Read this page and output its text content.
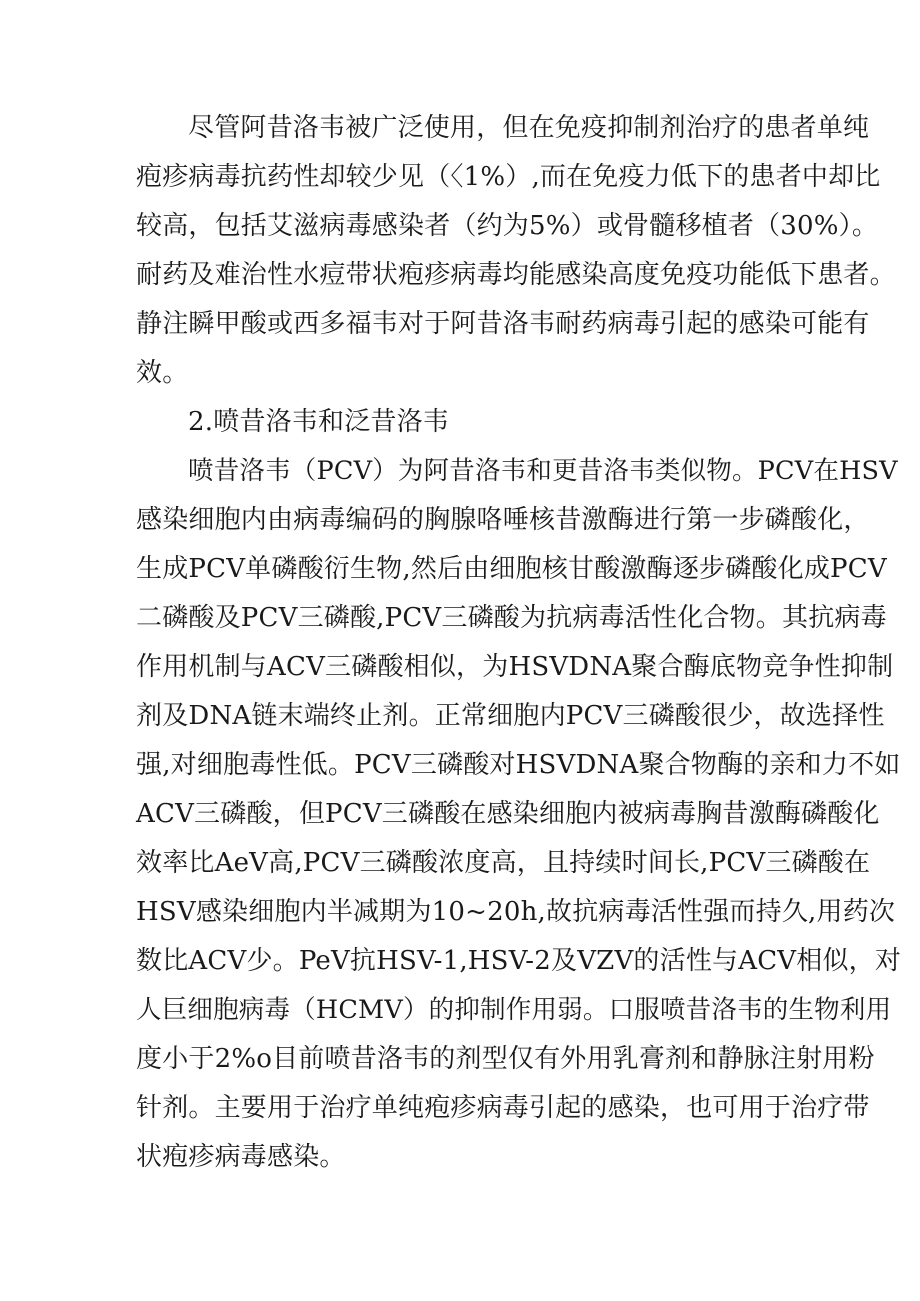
尽管阿昔洛韦被广泛使用，但在免疫抑制剂治疗的患者单纯
疱疹病毒抗药性却较少见（〈1%）,而在免疫力低下的患者中却比
较高，包括艾滋病毒感染者（约为5%）或骨髓移植者（30%）。
耐药及难治性水痘带状疱疹病毒均能感染高度免疫功能低下患者。
静注瞬甲酸或西多福韦对于阿昔洛韦耐药病毒引起的感染可能有
效。
2.喷昔洛韦和泛昔洛韦
喷昔洛韦（PCV）为阿昔洛韦和更昔洛韦类似物。PCV在HSV
感染细胞内由病毒编码的胸腺咯唾核昔激酶进行第一步磷酸化，
生成PCV单磷酸衍生物,然后由细胞核甘酸激酶逐步磷酸化成PCV
二磷酸及PCV三磷酸,PCV三磷酸为抗病毒活性化合物。其抗病毒
作用机制与ACV三磷酸相似，为HSVDNA聚合酶底物竞争性抑制
剂及DNA链末端终止剂。正常细胞内PCV三磷酸很少，故选择性
强,对细胞毒性低。PCV三磷酸对HSVDNA聚合物酶的亲和力不如
ACV三磷酸，但PCV三磷酸在感染细胞内被病毒胸昔激酶磷酸化
效率比AeV高,PCV三磷酸浓度高，且持续时间长,PCV三磷酸在
HSV感染细胞内半减期为10~20h,故抗病毒活性强而持久,用药次
数比ACV少。PeV抗HSV-1,HSV-2及VZV的活性与ACV相似，对
人巨细胞病毒（HCMV）的抑制作用弱。口服喷昔洛韦的生物利用
度小于2%o目前喷昔洛韦的剂型仅有外用乳膏剂和静脉注射用粉
针剂。主要用于治疗单纯疱疹病毒引起的感染，也可用于治疗带
状疱疹病毒感染。
